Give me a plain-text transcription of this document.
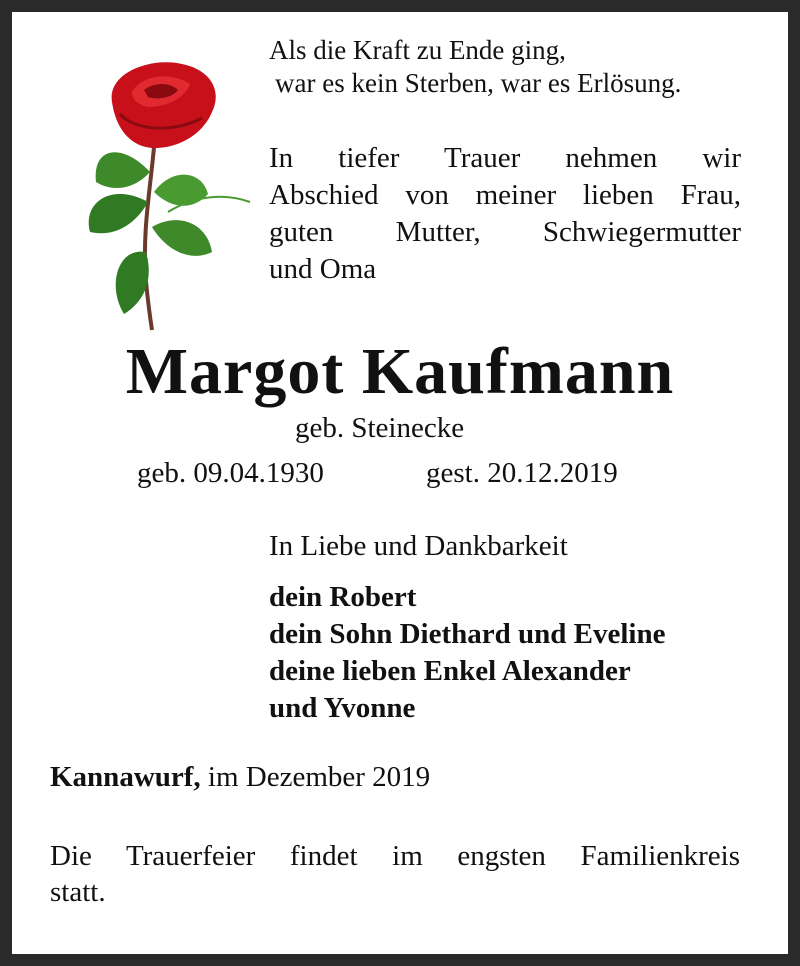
Als die Kraft zu Ende ging,
war es kein Sterben, war es Erlösung.
In tiefer Trauer nehmen wir
Abschied von meiner lieben Frau,
guten Mutter, Schwiegermutter
und Oma
Margot Kaufmann
geb. Steinecke
geb. 09.04.1930	gest. 20.12.2019
In Liebe und Dankbarkeit
dein Robert
dein Sohn Diethard und Eveline
deine lieben Enkel Alexander
und Yvonne
Kannawurf, im Dezember 2019
Die Trauerfeier findet im engsten Familienkreis
statt.
